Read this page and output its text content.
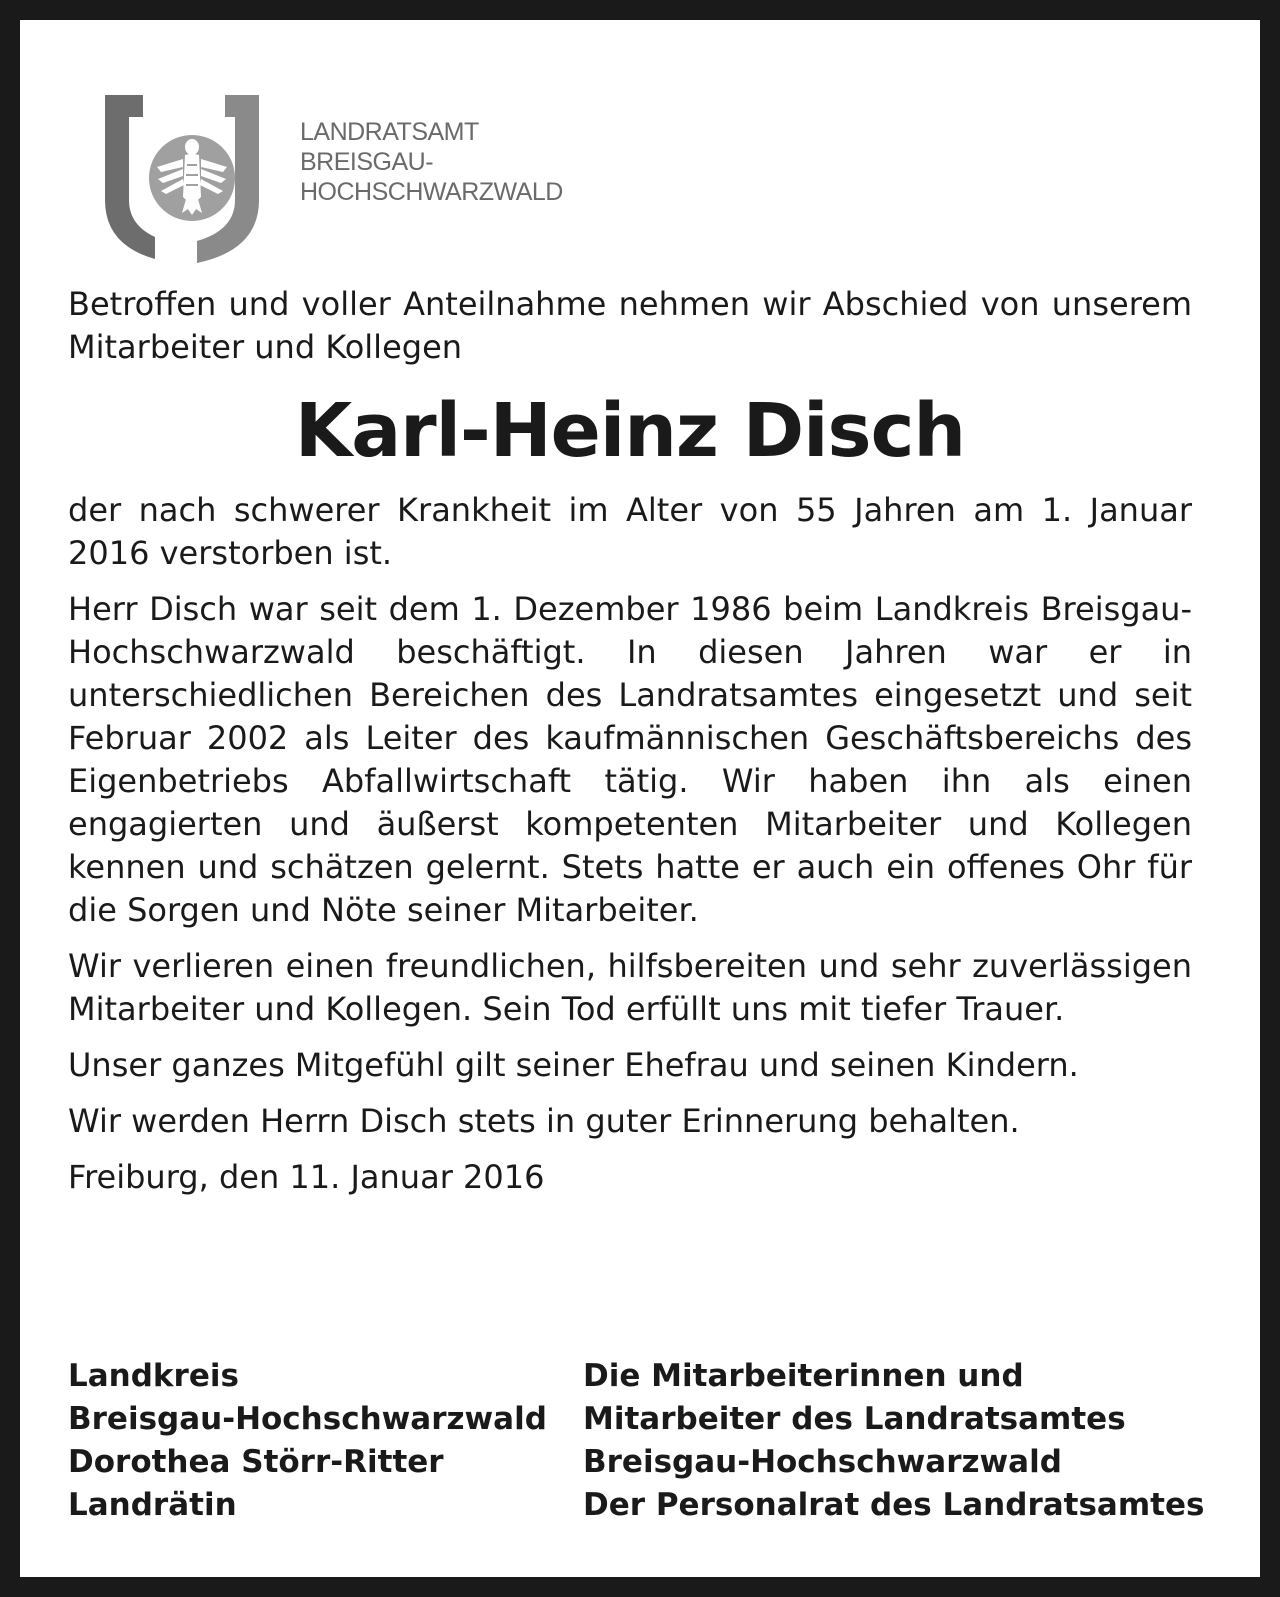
LANDRATSAMT
BREISGAU-
HOCHSCHWARZWALD

Betroffen und voller Anteilnahme nehmen wir Abschied von unserem Mitarbeiter und Kollegen

Karl-Heinz Disch

der nach schwerer Krankheit im Alter von 55 Jahren am 1. Januar 2016 verstorben ist.

Herr Disch war seit dem 1. Dezember 1986 beim Landkreis Breisgau-Hochschwarzwald beschäftigt. In diesen Jahren war er in unterschiedlichen Bereichen des Landratsamtes eingesetzt und seit Februar 2002 als Leiter des kaufmännischen Geschäftsbereichs des Eigenbetriebs Abfallwirtschaft tätig. Wir haben ihn als einen engagierten und äußerst kompetenten Mitarbeiter und Kollegen kennen und schätzen gelernt. Stets hatte er auch ein offenes Ohr für die Sorgen und Nöte seiner Mitarbeiter.

Wir verlieren einen freundlichen, hilfsbereiten und sehr zuverlässigen Mitarbeiter und Kollegen. Sein Tod erfüllt uns mit tiefer Trauer.

Unser ganzes Mitgefühl gilt seiner Ehefrau und seinen Kindern.

Wir werden Herrn Disch stets in guter Erinnerung behalten.

Freiburg, den 11. Januar 2016

Landkreis
Breisgau-Hochschwarzwald
Dorothea Störr-Ritter
Landrätin
Die Mitarbeiterinnen und
Mitarbeiter des Landratsamtes
Breisgau-Hochschwarzwald
Der Personalrat des Landratsamtes
